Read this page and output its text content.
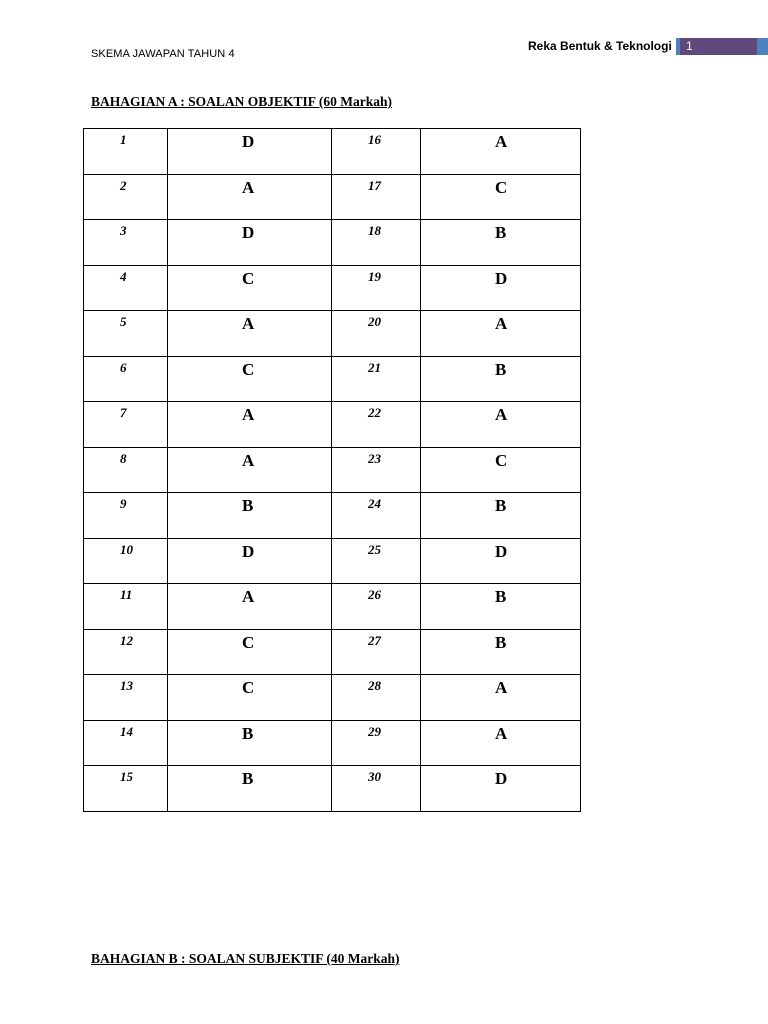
SKEMA JAWAPAN TAHUN 4
Reka Bentuk & Teknologi	1
BAHAGIAN A : SOALAN OBJEKTIF (60 Markah)
1	D	16	A
2	A	17	C
3	D	18	B
4	C	19	D
5	A	20	A
6	C	21	B
7	A	22	A
8	A	23	C
9	B	24	B
10	D	25	D
11	A	26	B
12	C	27	B
13	C	28	A
14	B	29	A
15	B	30	D
BAHAGIAN B : SOALAN SUBJEKTIF (40 Markah)
